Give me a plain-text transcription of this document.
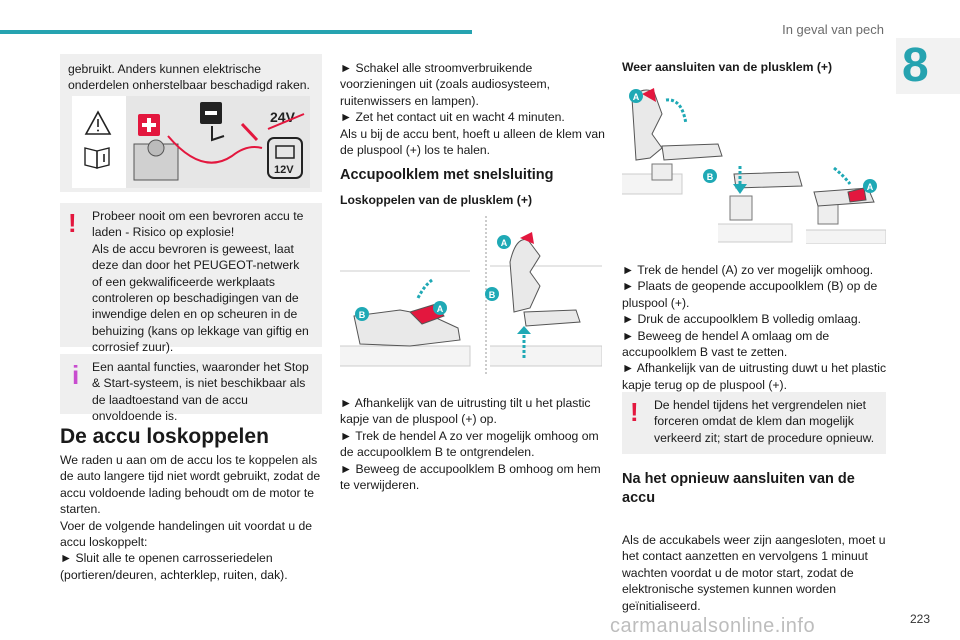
In geval van pech
8

gebruikt. Anders kunnen elektrische onderdelen onherstelbaar beschadigd raken.

24V
12V
!	Probeer nooit om een bevroren accu te laden - Risico op explosie!
Als de accu bevroren is geweest, laat deze dan door het PEUGEOT-netwerk of een gekwalificeerde werkplaats controleren op beschadigingen van de inwendige delen en op scheuren in de behuizing (kans op lekkage van giftig en corrosief zuur).
i	Een aantal functies, waaronder het Stop & Start-systeem, is niet beschikbaar als de laadtoestand van de accu onvoldoende is.
De accu loskoppelen

We raden u aan om de accu los te koppelen als de auto langere tijd niet wordt gebruikt, zodat de accu voldoende lading behoudt om de motor te starten.

Voer de volgende handelingen uit voordat u de accu loskoppelt:

► Sluit alle te openen carrosseriedelen (portieren/deuren, achterklep, ruiten, dak).

► Schakel alle stroomverbruikende voorzieningen uit (zoals audiosysteem, ruitenwissers en lampen).

► Zet het contact uit en wacht 4 minuten.

Als u bij de accu bent, hoeft u alleen de klem van de pluspool (+) los te halen.

Accupoolklem met snelsluiting
Loskoppelen van de plusklem (+)
B
A
A
B

► Afhankelijk van de uitrusting tilt u het plastic kapje van de pluspool (+) op.

► Trek de hendel A zo ver mogelijk omhoog om de accupoolklem B te ontgrendelen.

► Beweeg de accupoolklem B omhoog om hem te verwijderen.

Weer aansluiten van de plusklem (+)
A
B
A

► Trek de hendel (A) zo ver mogelijk omhoog.

► Plaats de geopende accupoolklem (B) op de pluspool (+).

► Druk de accupoolklem B volledig omlaag.

► Beweeg de hendel A omlaag om de accupoolklem B vast te zetten.

► Afhankelijk van de uitrusting duwt u het plastic kapje terug op de pluspool (+).

!	De hendel tijdens het vergrendelen niet forceren omdat de klem dan mogelijk verkeerd zit; start de procedure opnieuw.
Na het opnieuw aansluiten van de accu
Als de accukabels weer zijn aangesloten, moet u het contact aanzetten en vervolgens 1 minuut wachten voordat u de motor start, zodat de elektronische systemen kunnen worden geïnitialiseerd.
carmanualsonline.info	223
